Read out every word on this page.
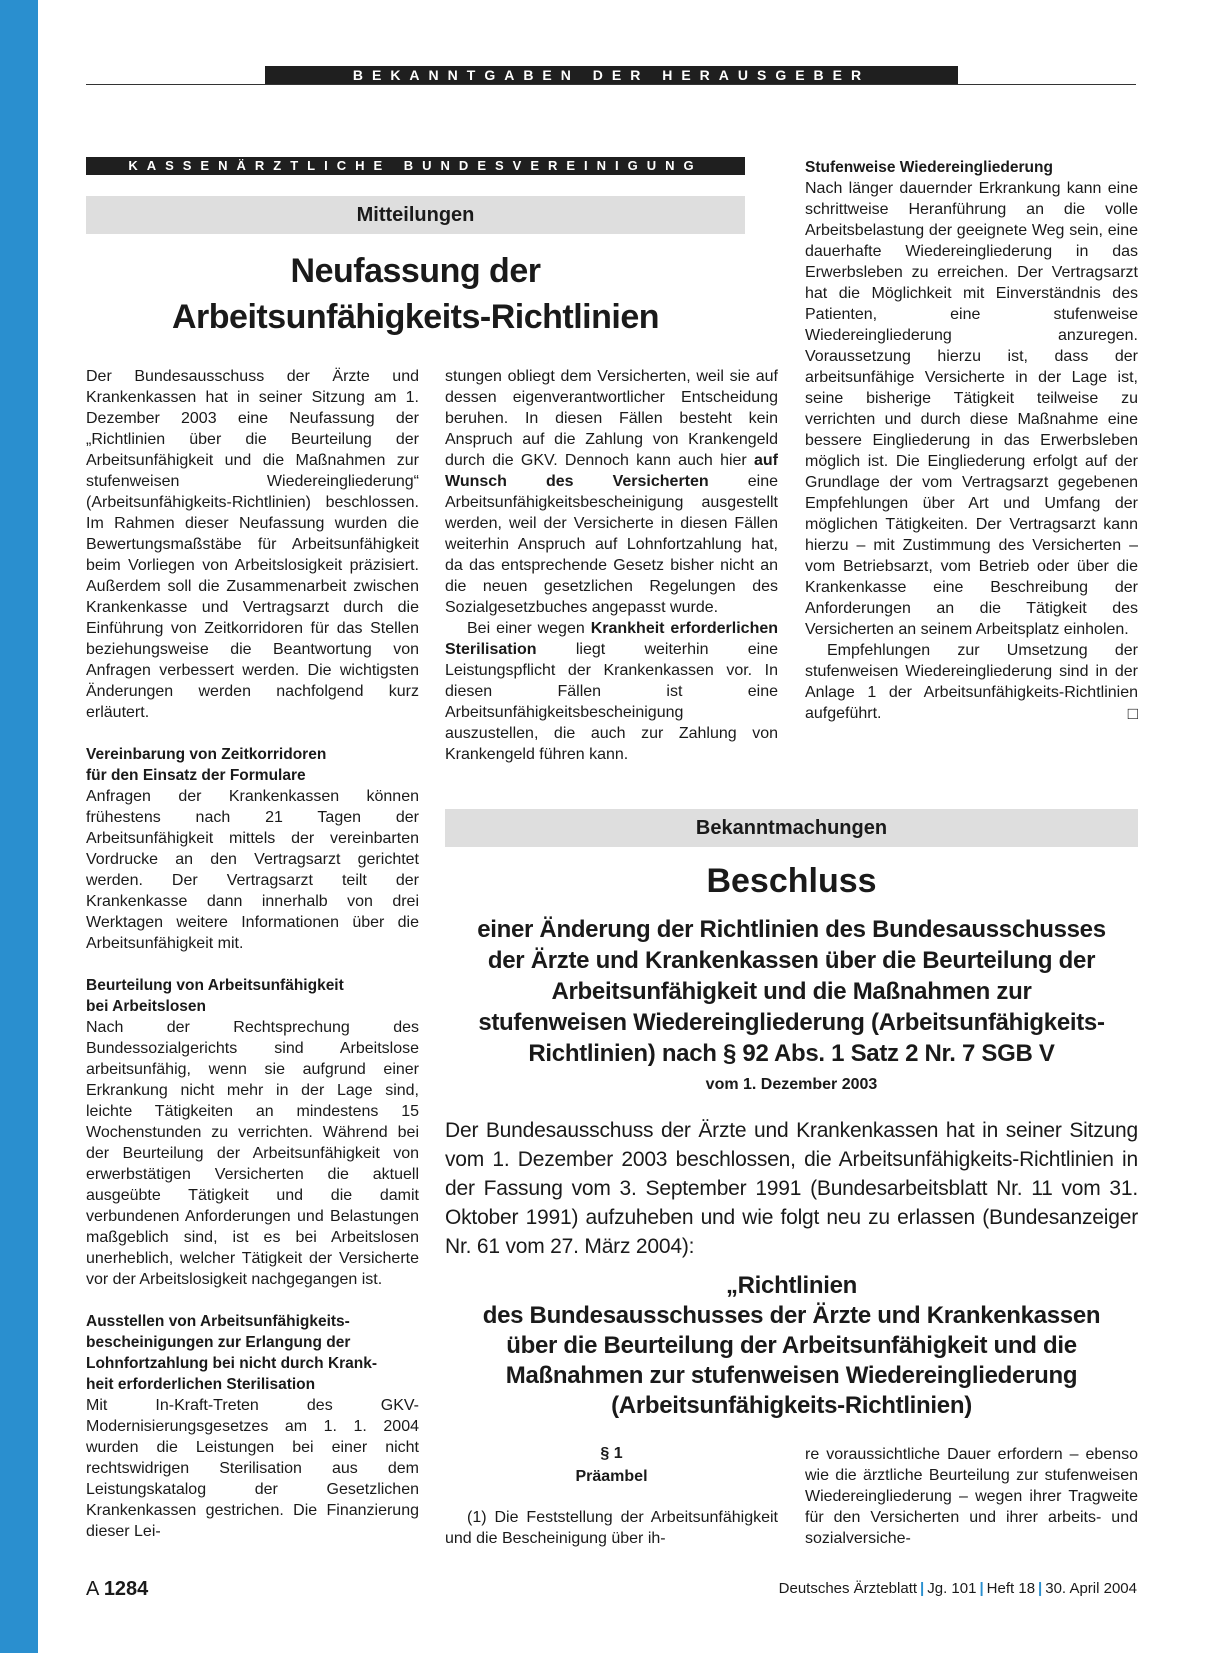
BEKANNTGABEN DER HERAUSGEBER
KASSENÄRZTLICHE BUNDESVEREINIGUNG
Mitteilungen
Neufassung der
Arbeitsunfähigkeits-Richtlinien

Der Bundesausschuss der Ärzte und Krankenkassen hat in seiner Sitzung am 1. Dezember 2003 eine Neufassung der „Richtlinien über die Beurteilung der Arbeitsunfähigkeit und die Maßnahmen zur stufenweisen Wiedereingliederung“ (Arbeitsunfähigkeits-Richtlinien) beschlossen. Im Rahmen dieser Neufassung wurden die Bewertungsmaßstäbe für Arbeitsunfähigkeit beim Vorliegen von Arbeitslosigkeit präzisiert. Außerdem soll die Zusammenarbeit zwischen Krankenkasse und Vertragsarzt durch die Einführung von Zeitkorridoren für das Stellen beziehungsweise die Beantwortung von Anfragen verbessert werden. Die wichtigsten Änderungen werden nachfolgend kurz erläutert.

Vereinbarung von Zeitkorridoren
für den Einsatz der Formulare

Anfragen der Krankenkassen können frühestens nach 21 Tagen der Arbeitsunfähigkeit mittels der vereinbarten Vordrucke an den Vertragsarzt gerichtet werden. Der Vertragsarzt teilt der Krankenkasse dann innerhalb von drei Werktagen weitere Informationen über die Arbeitsunfähigkeit mit.

Beurteilung von Arbeitsunfähigkeit
bei Arbeitslosen

Nach der Rechtsprechung des Bundessozialgerichts sind Arbeitslose arbeitsunfähig, wenn sie aufgrund einer Erkrankung nicht mehr in der Lage sind, leichte Tätigkeiten an mindestens 15 Wochenstunden zu verrichten. Während bei der Beurteilung der Arbeitsunfähigkeit von erwerbstätigen Versicherten die aktuell ausgeübte Tätigkeit und die damit verbundenen Anforderungen und Belastungen maßgeblich sind, ist es bei Arbeitslosen unerheblich, welcher Tätigkeit der Versicherte vor der Arbeitslosigkeit nachgegangen ist.

Ausstellen von Arbeitsunfähigkeits-
bescheinigungen zur Erlangung der
Lohnfortzahlung bei nicht durch Krank-
heit erforderlichen Sterilisation

Mit In-Kraft-Treten des GKV-Modernisierungsgesetzes am 1. 1. 2004 wurden die Leistungen bei einer nicht rechtswidrigen Sterilisation aus dem Leistungskatalog der Gesetzlichen Krankenkassen gestrichen. Die Finanzierung dieser Lei-

stungen obliegt dem Versicherten, weil sie auf dessen eigenverantwortlicher Entscheidung beruhen. In diesen Fällen besteht kein Anspruch auf die Zahlung von Krankengeld durch die GKV. Dennoch kann auch hier auf Wunsch des Versicherten eine Arbeitsunfähigkeitsbescheinigung ausgestellt werden, weil der Versicherte in diesen Fällen weiterhin Anspruch auf Lohnfortzahlung hat, da das entsprechende Gesetz bisher nicht an die neuen gesetzlichen Regelungen des Sozialgesetzbuches angepasst wurde.

Bei einer wegen Krankheit erforderlichen Sterilisation liegt weiterhin eine Leistungspflicht der Krankenkassen vor. In diesen Fällen ist eine Arbeitsunfähigkeitsbescheinigung auszustellen, die auch zur Zahlung von Krankengeld führen kann.

Stufenweise Wiedereingliederung

Nach länger dauernder Erkrankung kann eine schrittweise Heranführung an die volle Arbeitsbelastung der geeignete Weg sein, eine dauerhafte Wiedereingliederung in das Erwerbsleben zu erreichen. Der Vertragsarzt hat die Möglichkeit mit Einverständnis des Patienten, eine stufenweise Wiedereingliederung anzuregen. Voraussetzung hierzu ist, dass der arbeitsunfähige Versicherte in der Lage ist, seine bisherige Tätigkeit teilweise zu verrichten und durch diese Maßnahme eine bessere Eingliederung in das Erwerbsleben möglich ist. Die Eingliederung erfolgt auf der Grundlage der vom Vertragsarzt gegebenen Empfehlungen über Art und Umfang der möglichen Tätigkeiten. Der Vertragsarzt kann hierzu – mit Zustimmung des Versicherten – vom Betriebsarzt, vom Betrieb oder über die Krankenkasse eine Beschreibung der Anforderungen an die Tätigkeit des Versicherten an seinem Arbeitsplatz einholen.

Empfehlungen zur Umsetzung der stufenweisen Wiedereingliederung sind in der Anlage 1 der Arbeitsunfähigkeits-Richtlinien aufgeführt.	□

Bekanntmachungen
Beschluss
einer Änderung der Richtlinien des Bundesausschusses
der Ärzte und Krankenkassen über die Beurteilung der
Arbeitsunfähigkeit und die Maßnahmen zur
stufenweisen Wiedereingliederung (Arbeitsunfähigkeits-
Richtlinien) nach § 92 Abs. 1 Satz 2 Nr. 7 SGB V
vom 1. Dezember 2003

Der Bundesausschuss der Ärzte und Krankenkassen hat in seiner Sitzung vom 1. Dezember 2003 beschlossen, die Arbeitsunfähigkeits-Richtlinien in der Fassung vom 3. September 1991 (Bundesarbeitsblatt Nr. 11 vom 31. Oktober 1991) aufzuheben und wie folgt neu zu erlassen (Bundesanzeiger Nr. 61 vom 27. März 2004):

„Richtlinien
des Bundesausschusses der Ärzte und Krankenkassen
über die Beurteilung der Arbeitsunfähigkeit und die
Maßnahmen zur stufenweisen Wiedereingliederung
(Arbeitsunfähigkeits-Richtlinien)
§ 1
Präambel

(1) Die Feststellung der Arbeitsunfähigkeit und die Bescheinigung über ih-

re voraussichtliche Dauer erfordern – ebenso wie die ärztliche Beurteilung zur stufenweisen Wiedereingliederung – wegen ihrer Tragweite für den Versicherten und ihrer arbeits- und sozialversiche-

A 1284	Deutsches Ärzteblatt | Jg. 101 | Heft 18 | 30. April 2004
